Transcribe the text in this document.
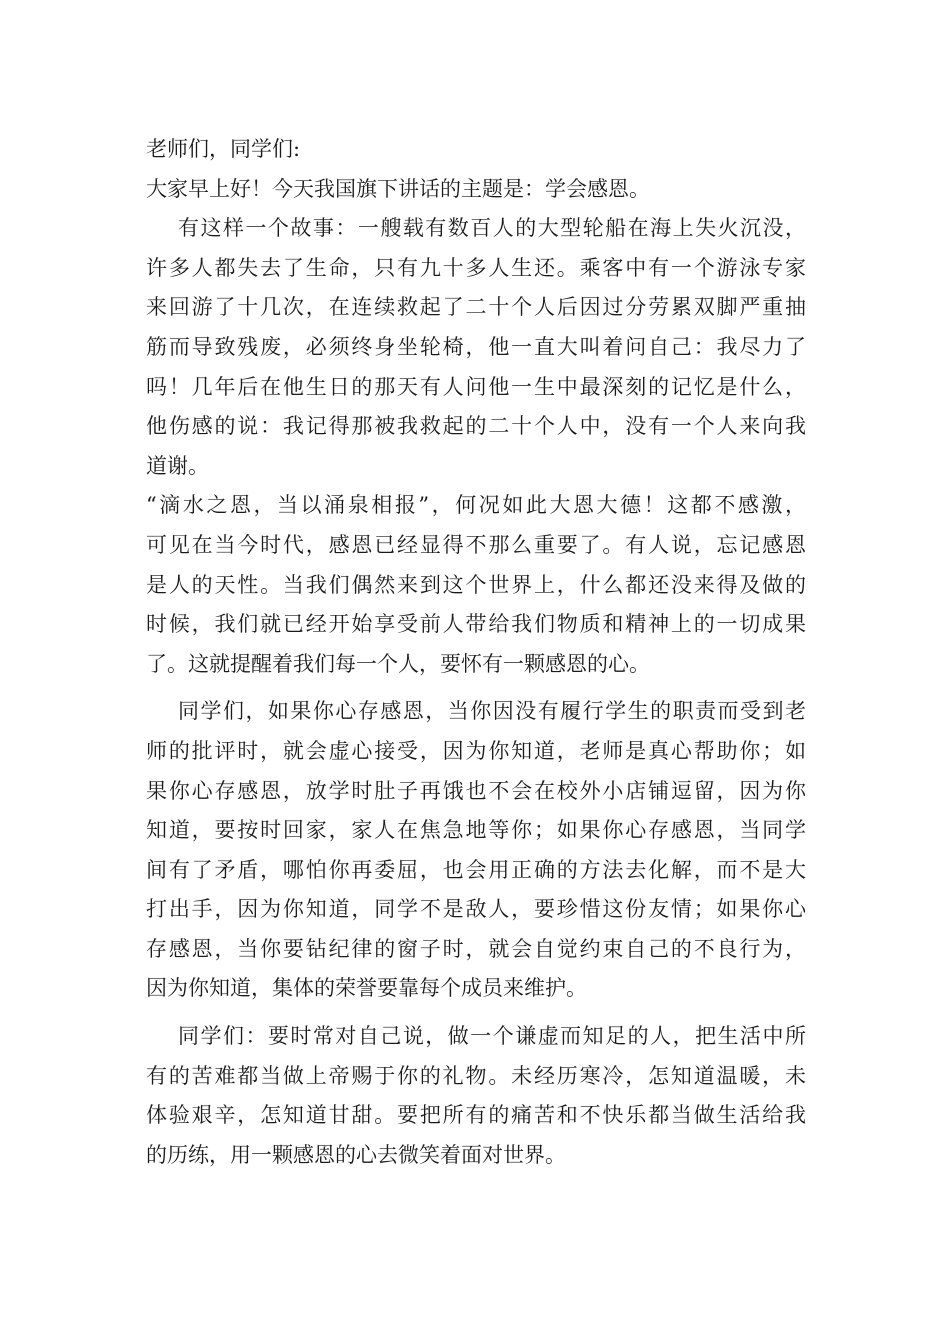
老师们，同学们:
大家早上好！今天我国旗下讲话的主题是：学会感恩。
有这样一个故事：一艘载有数百人的大型轮船在海上失火沉没，
许多人都失去了生命，只有九十多人生还。乘客中有一个游泳专家
来回游了十几次，在连续救起了二十个人后因过分劳累双脚严重抽
筋而导致残废，必须终身坐轮椅，他一直大叫着问自己：我尽力了
吗！几年后在他生日的那天有人问他一生中最深刻的记忆是什么，
他伤感的说：我记得那被我救起的二十个人中，没有一个人来向我
道谢。
“滴水之恩，当以涌泉相报”，何况如此大恩大德！这都不感激，
可见在当今时代，感恩已经显得不那么重要了。有人说，忘记感恩
是人的天性。当我们偶然来到这个世界上，什么都还没来得及做的
时候，我们就已经开始享受前人带给我们物质和精神上的一切成果
了。这就提醒着我们每一个人，要怀有一颗感恩的心。
同学们，如果你心存感恩，当你因没有履行学生的职责而受到老
师的批评时，就会虚心接受，因为你知道，老师是真心帮助你；如
果你心存感恩，放学时肚子再饿也不会在校外小店铺逗留，因为你
知道，要按时回家，家人在焦急地等你；如果你心存感恩，当同学
间有了矛盾，哪怕你再委屈，也会用正确的方法去化解，而不是大
打出手，因为你知道，同学不是敌人，要珍惜这份友情；如果你心
存感恩，当你要钻纪律的窗子时，就会自觉约束自己的不良行为，
因为你知道，集体的荣誉要靠每个成员来维护。
同学们：要时常对自己说，做一个谦虚而知足的人，把生活中所
有的苦难都当做上帝赐于你的礼物。未经历寒冷，怎知道温暖，未
体验艰辛，怎知道甘甜。要把所有的痛苦和不快乐都当做生活给我
的历练，用一颗感恩的心去微笑着面对世界。
